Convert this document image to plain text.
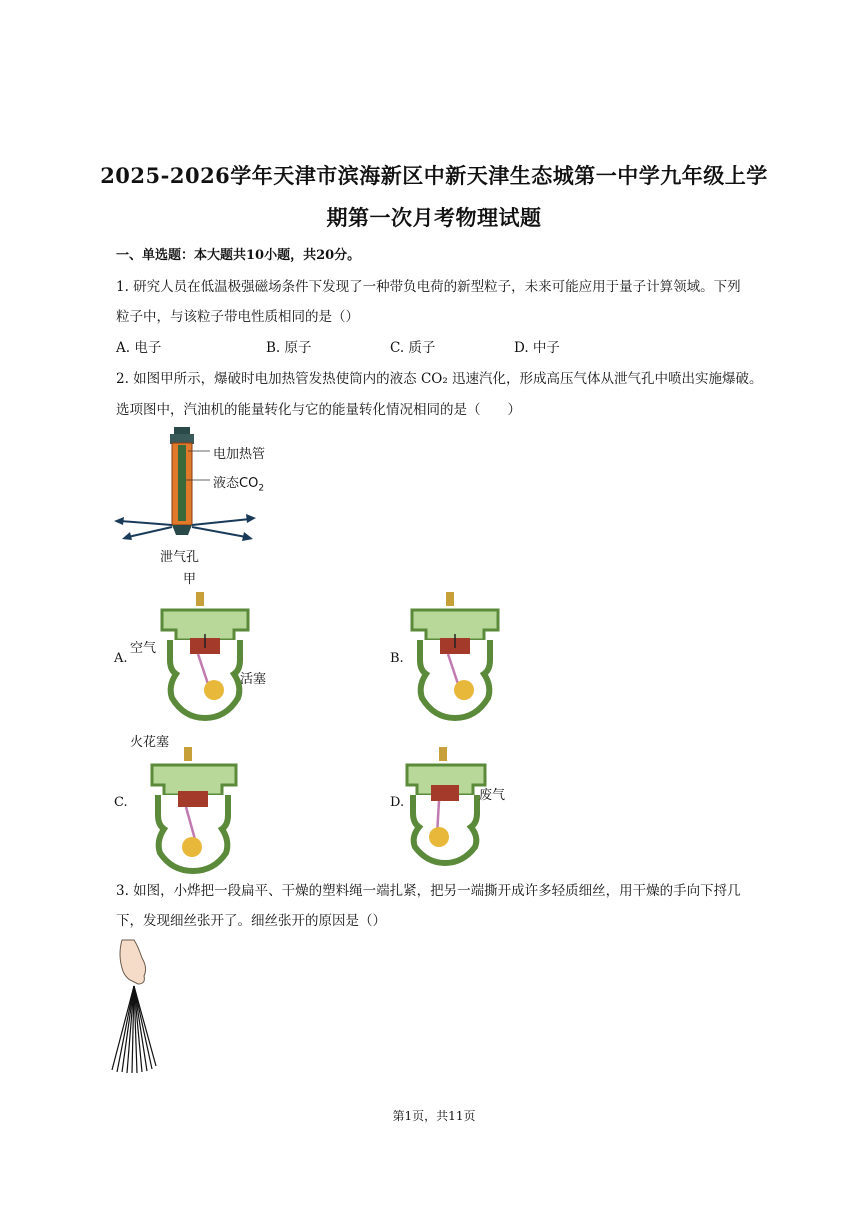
2025-2026学年天津市滨海新区中新天津生态城第一中学九年级上学
期第一次月考物理试题
一、单选题：本大题共10小题，共20分。
1. 研究人员在低温极强磁场条件下发现了一种带负电荷的新型粒子，未来可能应用于量子计算领域。下列
粒子中，与该粒子带电性质相同的是（）
A. 电子	B. 原子	C. 质子	D. 中子
2. 如图甲所示，爆破时电加热管发热使筒内的液态 CO₂ 迅速汽化，形成高压气体从泄气孔中喷出实施爆破。
选项图中，汽油机的能量转化与它的能量转化情况相同的是（　　）
电加热管
液态$CO_2$
泄气孔
甲
A.	B.
C.	D.
空气
活塞
火花塞
废气
3. 如图，小烨把一段扁平、干燥的塑料绳一端扎紧，把另一端撕开成许多轻质细丝，用干燥的手向下捋几
下，发现细丝张开了。细丝张开的原因是（）
第1页，共11页
